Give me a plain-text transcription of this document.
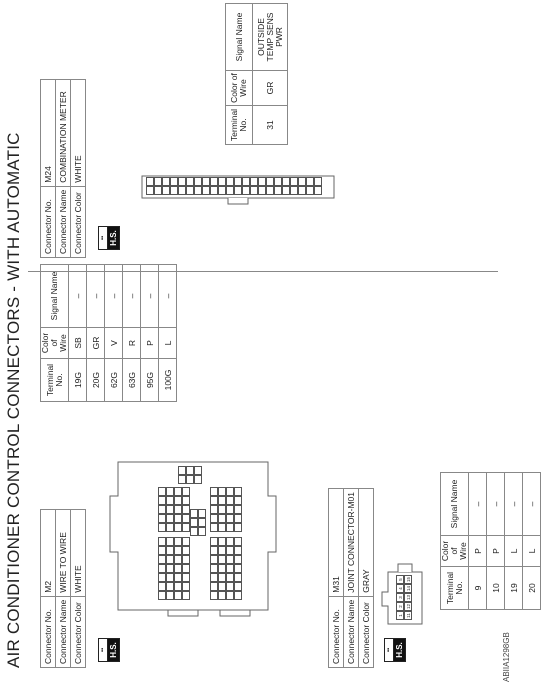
AIR CONDITIONER CONTROL CONNECTORS - WITH AUTOMATIC Connector No.	M2
Connector Name	WIRE TO WIRE
Connector Color	WHITE
▪▪ H.S.
Terminal No.	Color of Wire	Signal Name
19G	SB	–
20G	GR	–
62G	V	–
63G	R	–
95G	P	–
100G	L	–
Connector No.	M31
Connector Name	JOINT CONNECTOR-M01
Connector Color	GRAY
▪▪ H.S.
1
2
3
4
5
11
12
13
14
15	Terminal No.	Color of Wire	Signal Name
9	P	–
10	P	–
19	L	–
20	L	–
Connector No.	M24
Connector Name	COMBINATION METER
Connector Color	WHITE
▪▪ H.S.
Terminal No.	Color of Wire	Signal Name
31	GR	OUTSIDE TEMP SENS PWR
ABIIA1298GB
